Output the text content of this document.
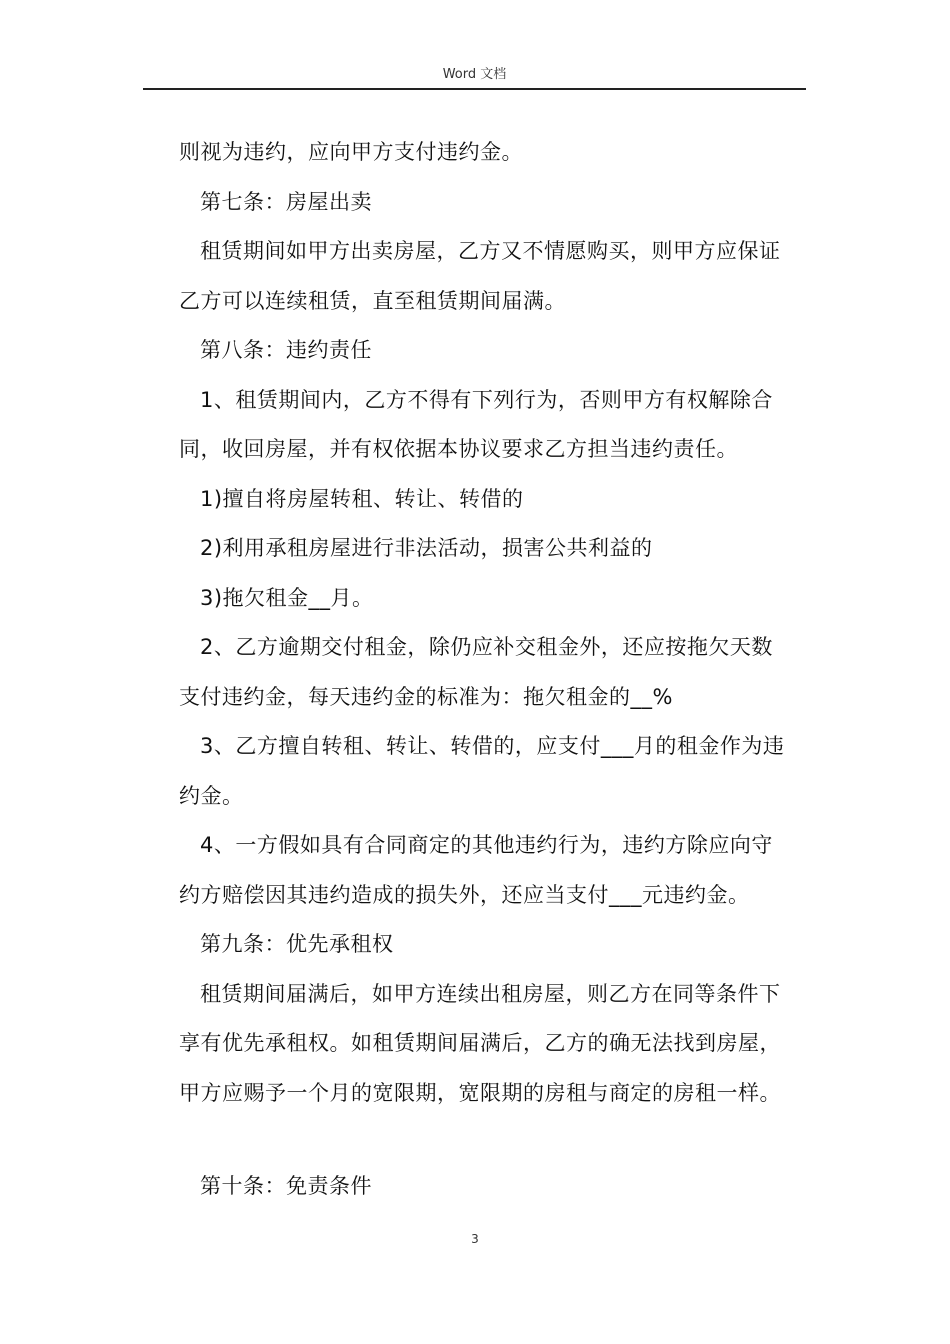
Word 文档
则视为违约，应向甲方支付违约金。
第七条：房屋出卖
租赁期间如甲方出卖房屋，乙方又不情愿购买，则甲方应保证
乙方可以连续租赁，直至租赁期间届满。
第八条：违约责任
1、租赁期间内，乙方不得有下列行为，否则甲方有权解除合
同，收回房屋，并有权依据本协议要求乙方担当违约责任。
1)擅自将房屋转租、转让、转借的
2)利用承租房屋进行非法活动，损害公共利益的
3)拖欠租金__月。
2、乙方逾期交付租金，除仍应补交租金外，还应按拖欠天数
支付违约金，每天违约金的标准为：拖欠租金的__%
3、乙方擅自转租、转让、转借的，应支付___月的租金作为违
约金。
4、一方假如具有合同商定的其他违约行为，违约方除应向守
约方赔偿因其违约造成的损失外，还应当支付___元违约金。
第九条：优先承租权
租赁期间届满后，如甲方连续出租房屋，则乙方在同等条件下
享有优先承租权。如租赁期间届满后，乙方的确无法找到房屋，
甲方应赐予一个月的宽限期，宽限期的房租与商定的房租一样。
第十条：免责条件
3
